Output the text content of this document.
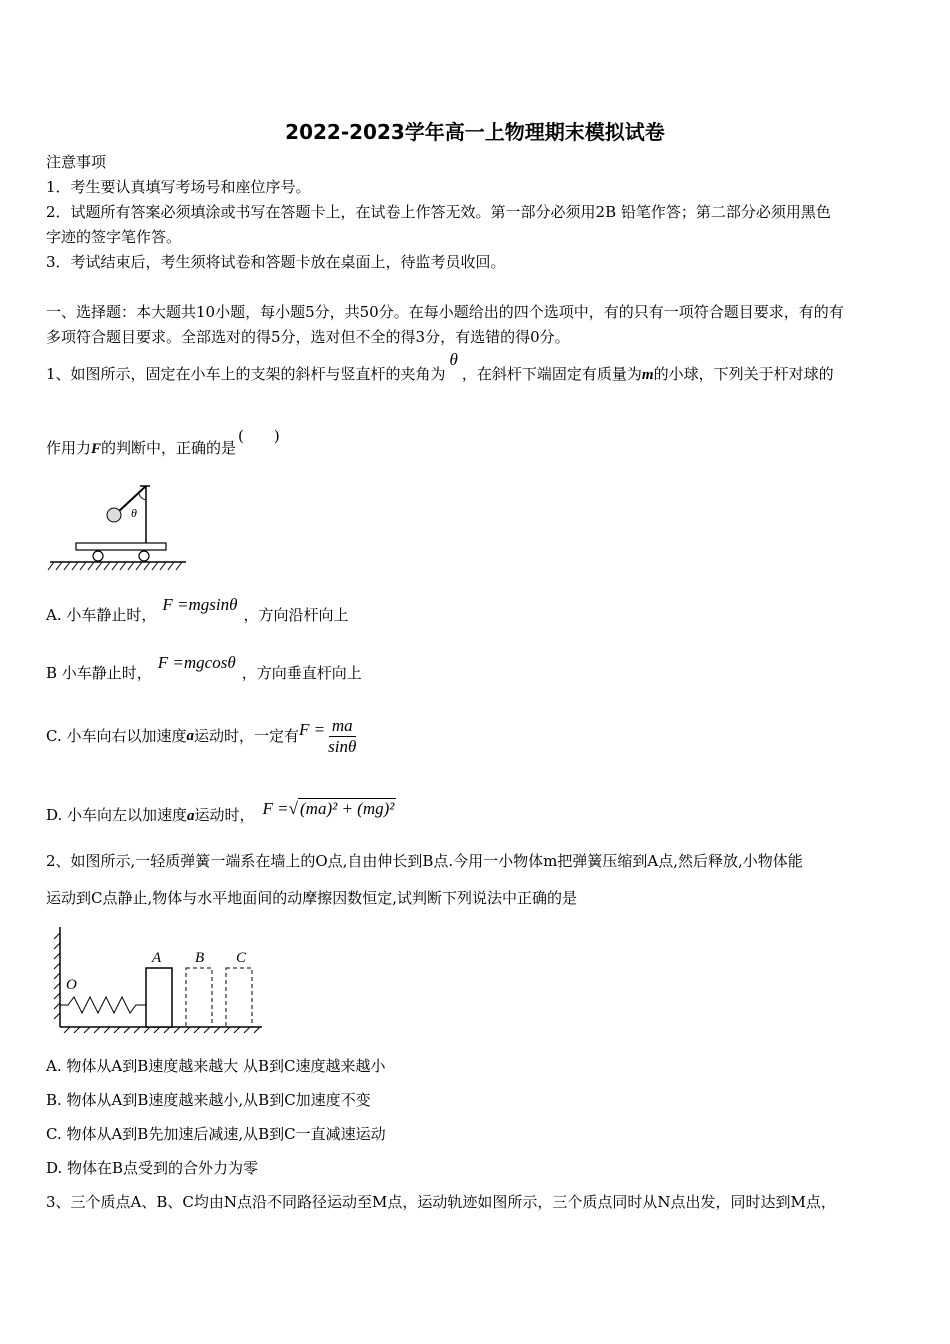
2022-2023学年高一上物理期末模拟试卷
注意事项
1．考生要认真填写考场号和座位序号。
2．试题所有答案必须填涂或书写在答题卡上，在试卷上作答无效。第一部分必须用2B 铅笔作答；第二部分必须用黑色
字迹的签字笔作答。
3．考试结束后，考生须将试卷和答题卡放在桌面上，待监考员收回。
一、选择题：本大题共10小题，每小题5分，共50分。在每小题给出的四个选项中，有的只有一项符合题目要求，有的有
多项符合题目要求。全部选对的得5分，选对但不全的得3分，有选错的得0分。
1、如图所示，固定在小车上的支架的斜杆与竖直杆的夹角为θ，在斜杆下端固定有质量为m的小球，下列关于杆对球的
作用力F的判断中，正确的是(　　)
θ
A. 小车静止时，F =mgsinθ，方向沿杆向上
B 小车静止时，F =mgcosθ，方向垂直杆向上
C. 小车向右以加速度 a 运动时，一定有 $F = \frac{ma}{\sin\theta}$
D. 小车向左以加速度a运动时， F =√ (ma)² + (mg)²
2、如图所示,一轻质弹簧一端系在墙上的O点,自由伸长到B点.今用一小物体m把弹簧压缩到A点,然后释放,小物体能
运动到C点静止,物体与水平地面间的动摩擦因数恒定,试判断下列说法中正确的是
O
A B C
A. 物体从A到B速度越来越大 从B到C速度越来越小
B. 物体从A到B速度越来越小,从B到C加速度不变
C. 物体从A到B先加速后减速,从B到C一直减速运动
D. 物体在B点受到的合外力为零
3、三个质点A、B、C均由N点沿不同路径运动至M点，运动轨迹如图所示，三个质点同时从N点出发，同时达到M点，
